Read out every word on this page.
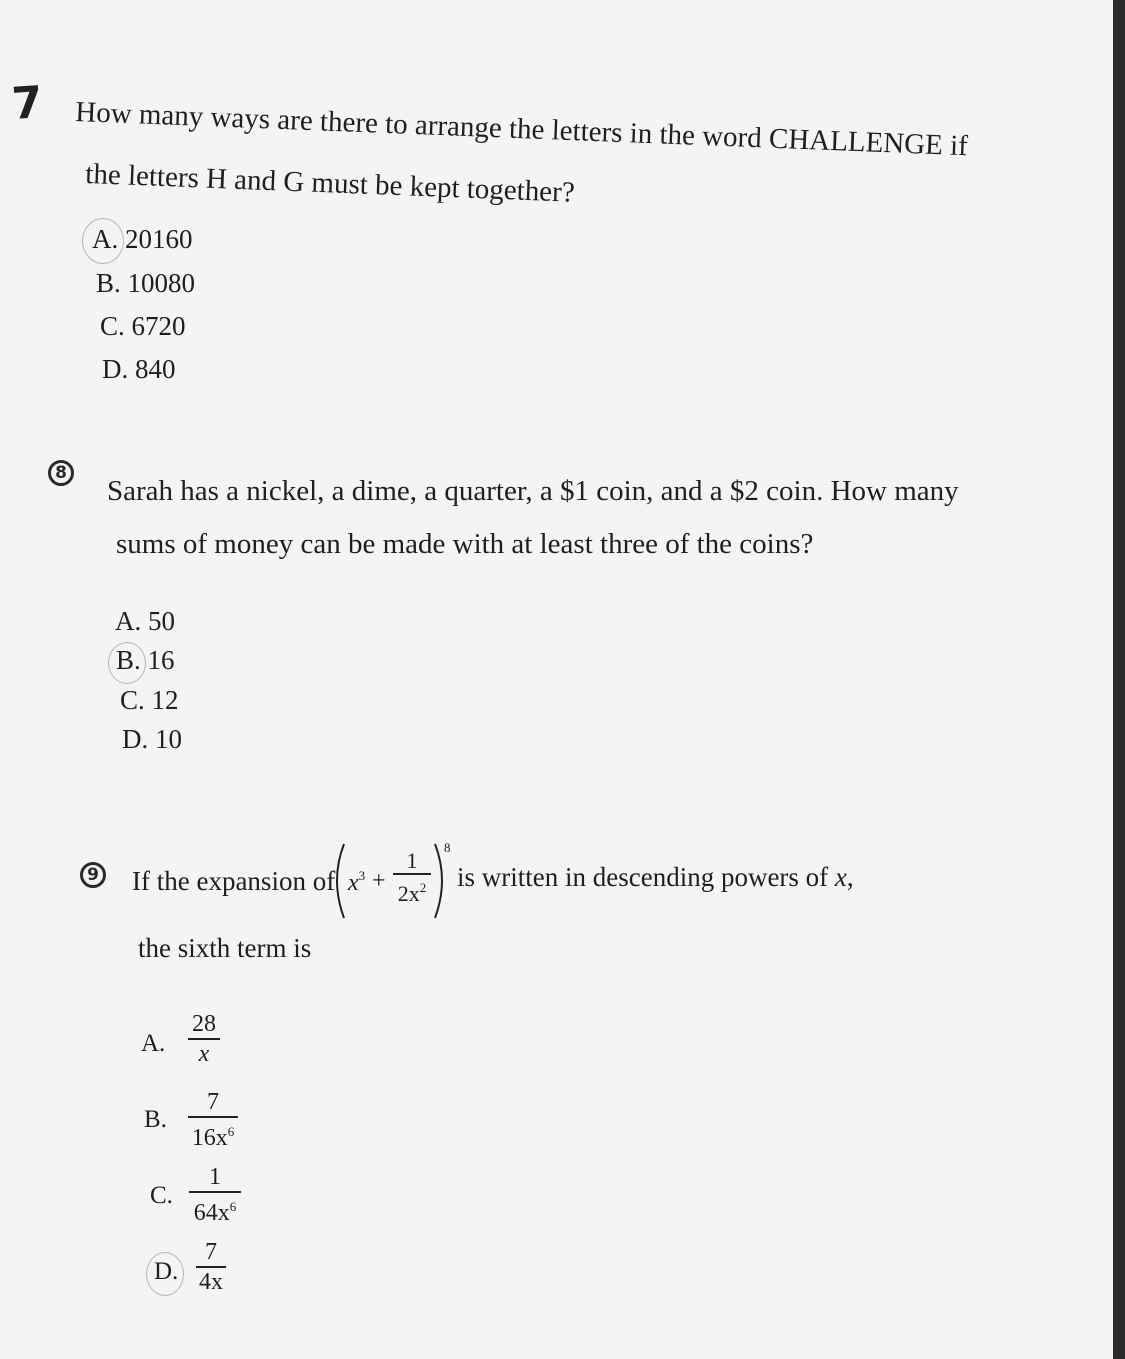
7 How many ways are there to arrange the letters in the word CHALLENGE if
the letters H and G must be kept together?
A. 20160
B. 10080
C. 6720
D. 840
8
Sarah has a nickel, a dime, a quarter, a $1 coin, and a $2 coin. How many
sums of money can be made with at least three of the coins?
A. 50
B. 16
C. 12
D. 10
9 If the expansion of $x^3$ +
1
$2x^2$
8
is written in descending powers of x,
the sixth term is
A.
28
x
B.
7
$16x^6$
C.
1
$64x^6$
D.
7
4x
